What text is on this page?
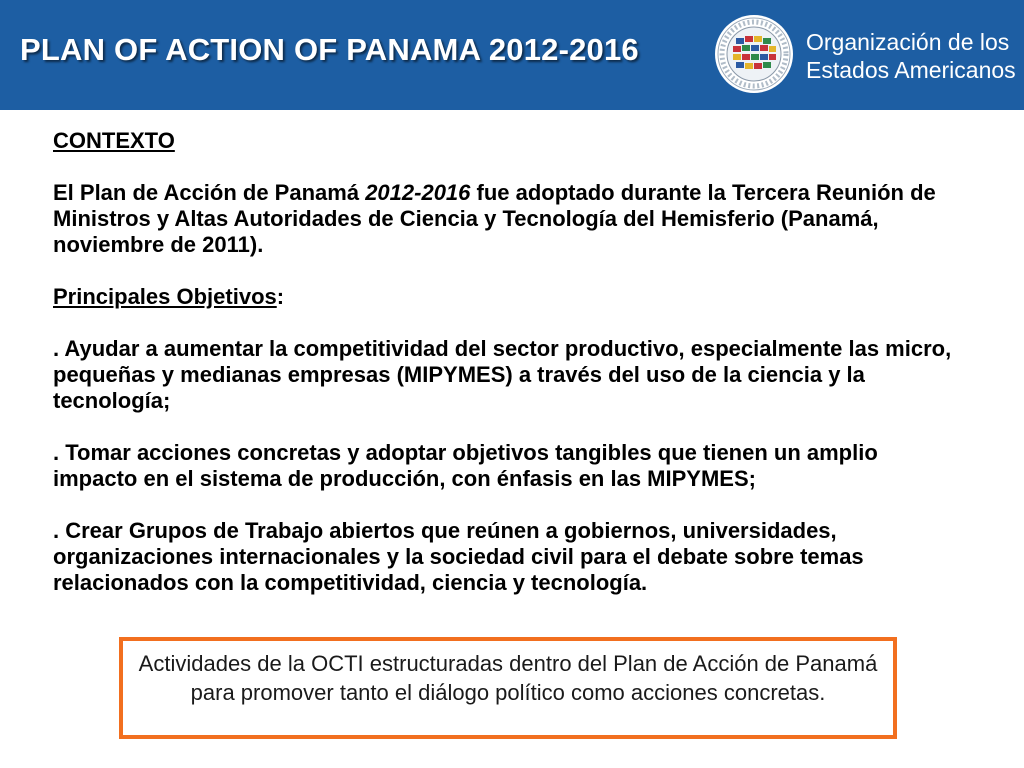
PLAN OF ACTION OF PANAMA 2012-2016	Organización de los
Estados Americanos

CONTEXTO

El Plan de Acción de Panamá 2012-2016 fue adoptado durante la Tercera Reunión de Ministros y Altas Autoridades de Ciencia y Tecnología del Hemisferio (Panamá, noviembre de 2011).

Principales Objetivos:

. Ayudar a aumentar la competitividad del sector productivo, especialmente las micro, pequeñas y medianas empresas (MIPYMES) a través del uso de la ciencia y la tecnología;

. Tomar acciones concretas y adoptar objetivos tangibles que tienen un amplio impacto en el sistema de producción, con énfasis en las MIPYMES;

. Crear Grupos de Trabajo abiertos que reúnen a gobiernos, universidades, organizaciones internacionales y la sociedad civil para el debate sobre temas relacionados con la competitividad, ciencia y tecnología.

Actividades de la OCTI estructuradas dentro del Plan de Acción de Panamá para promover tanto el diálogo político como acciones concretas.
